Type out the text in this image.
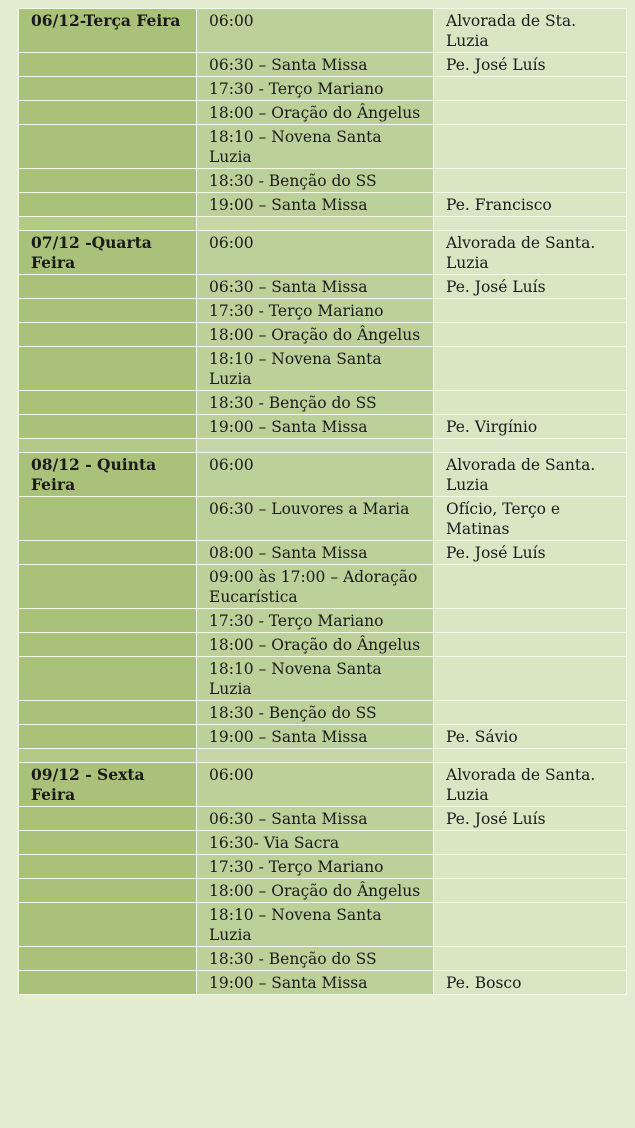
06/12-Terça Feira	06:00	Alvorada de Sta. Luzia
	06:30 – Santa Missa	Pe. José Luís
	17:30 - Terço Mariano	
	18:00 – Oração do Ângelus	
	18:10 – Novena Santa Luzia	
	18:30 - Benção do SS	
	19:00 – Santa Missa	Pe. Francisco

07/12 -Quarta Feira	06:00	Alvorada de Santa. Luzia
	06:30 – Santa Missa	Pe. José Luís
	17:30 - Terço Mariano	
	18:00 – Oração do Ângelus	
	18:10 – Novena Santa Luzia	
	18:30 - Benção do SS	
	19:00 – Santa Missa	Pe. Virgínio

08/12 - Quinta Feira	06:00	Alvorada de Santa. Luzia
	06:30 – Louvores a Maria	Ofício, Terço e Matinas
	08:00 – Santa Missa	Pe. José Luís
	09:00 às 17:00 – Adoração Eucarística	
	17:30 - Terço Mariano	
	18:00 – Oração do Ângelus	
	18:10 – Novena Santa Luzia	
	18:30 - Benção do SS	
	19:00 – Santa Missa	Pe. Sávio

09/12 - Sexta Feira	06:00	Alvorada de Santa. Luzia
	06:30 – Santa Missa	Pe. José Luís
	16:30- Via Sacra	
	17:30 - Terço Mariano	
	18:00 – Oração do Ângelus	
	18:10 – Novena Santa Luzia	
	18:30 - Benção do SS	
	19:00 – Santa Missa	Pe. Bosco
